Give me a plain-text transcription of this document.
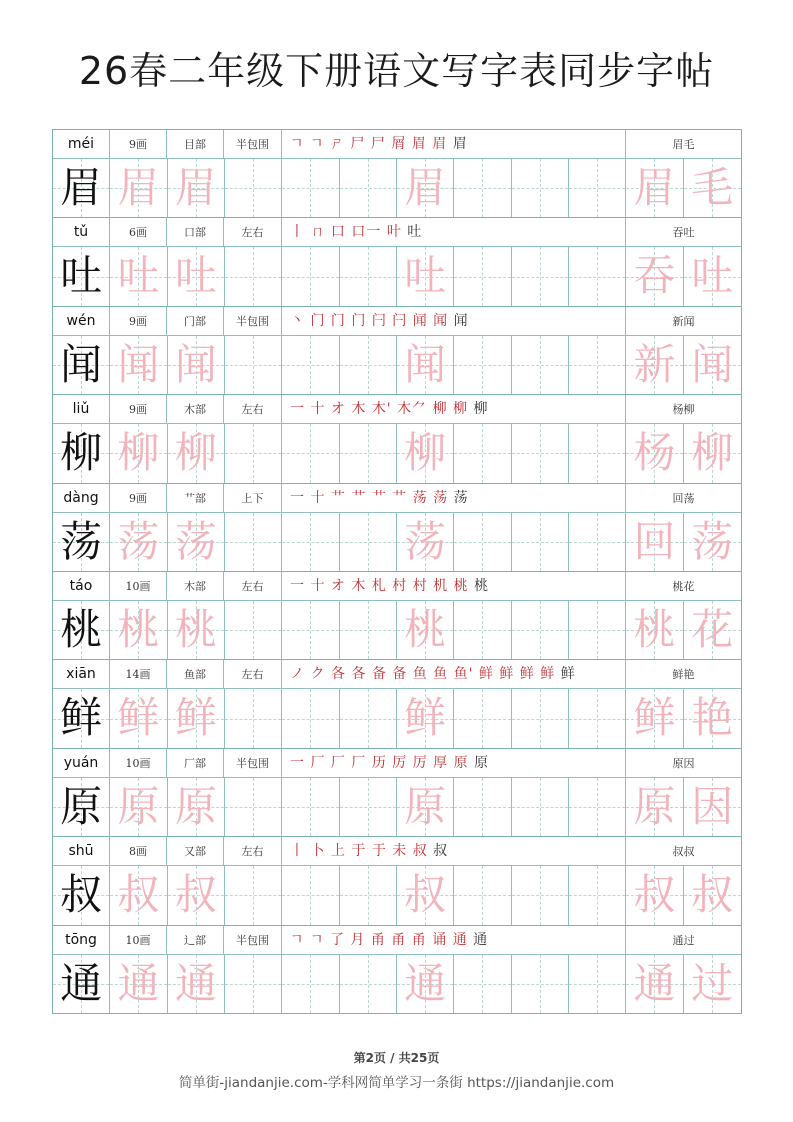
26春二年级下册语文写字表同步字帖
méi	9画	目部	半包围	ㄱ ㄱ ㄕ 尸 尸 屑 眉 眉 眉	眉毛
眉 眉 眉	眉	眉 毛
tǔ	6画	口部	左右	丨 ㄇ 口 口一 叶 吐	吞吐
吐 吐 吐	吐	吞 吐
wén	9画	门部	半包围	丶 门 门 门 闩 闩 闻 闻 闻	新闻
闻 闻 闻	闻	新 闻
liǔ	9画	木部	左右	一 十 オ 木 木' 木⺈ 柳 柳 柳	杨柳
柳 柳 柳	柳	杨 柳
dàng	9画	艹部	上下	一 十 艹 艹 艹 艹 荡 荡 荡	回荡
荡 荡 荡	荡	回 荡
táo	10画	木部	左右	一 十 オ 木 札 村 村 机 桃 桃	桃花
桃 桃 桃	桃	桃 花
xiān	14画	鱼部	左右	ノ ク 各 各 备 备 鱼 鱼 鱼' 鲜 鲜 鲜 鲜 鲜	鲜艳
鲜 鲜 鲜	鲜	鲜 艳
yuán	10画	厂部	半包围	一 厂 厂 厂 历 厉 厉 厚 原 原	原因
原 原 原	原	原 因
shū	8画	又部	左右	丨 卜 上 于 于 未 叔 叔	叔叔
叔 叔 叔	叔	叔 叔
tōng	10画	辶部	半包围	ㄱ ㄱ 了 月 甬 甬 甬 诵 通 通	通过
通 通 通	通	通 过
第2页 / 共25页
简单街-jiandanjie.com-学科网简单学习一条街 https://jiandanjie.com
